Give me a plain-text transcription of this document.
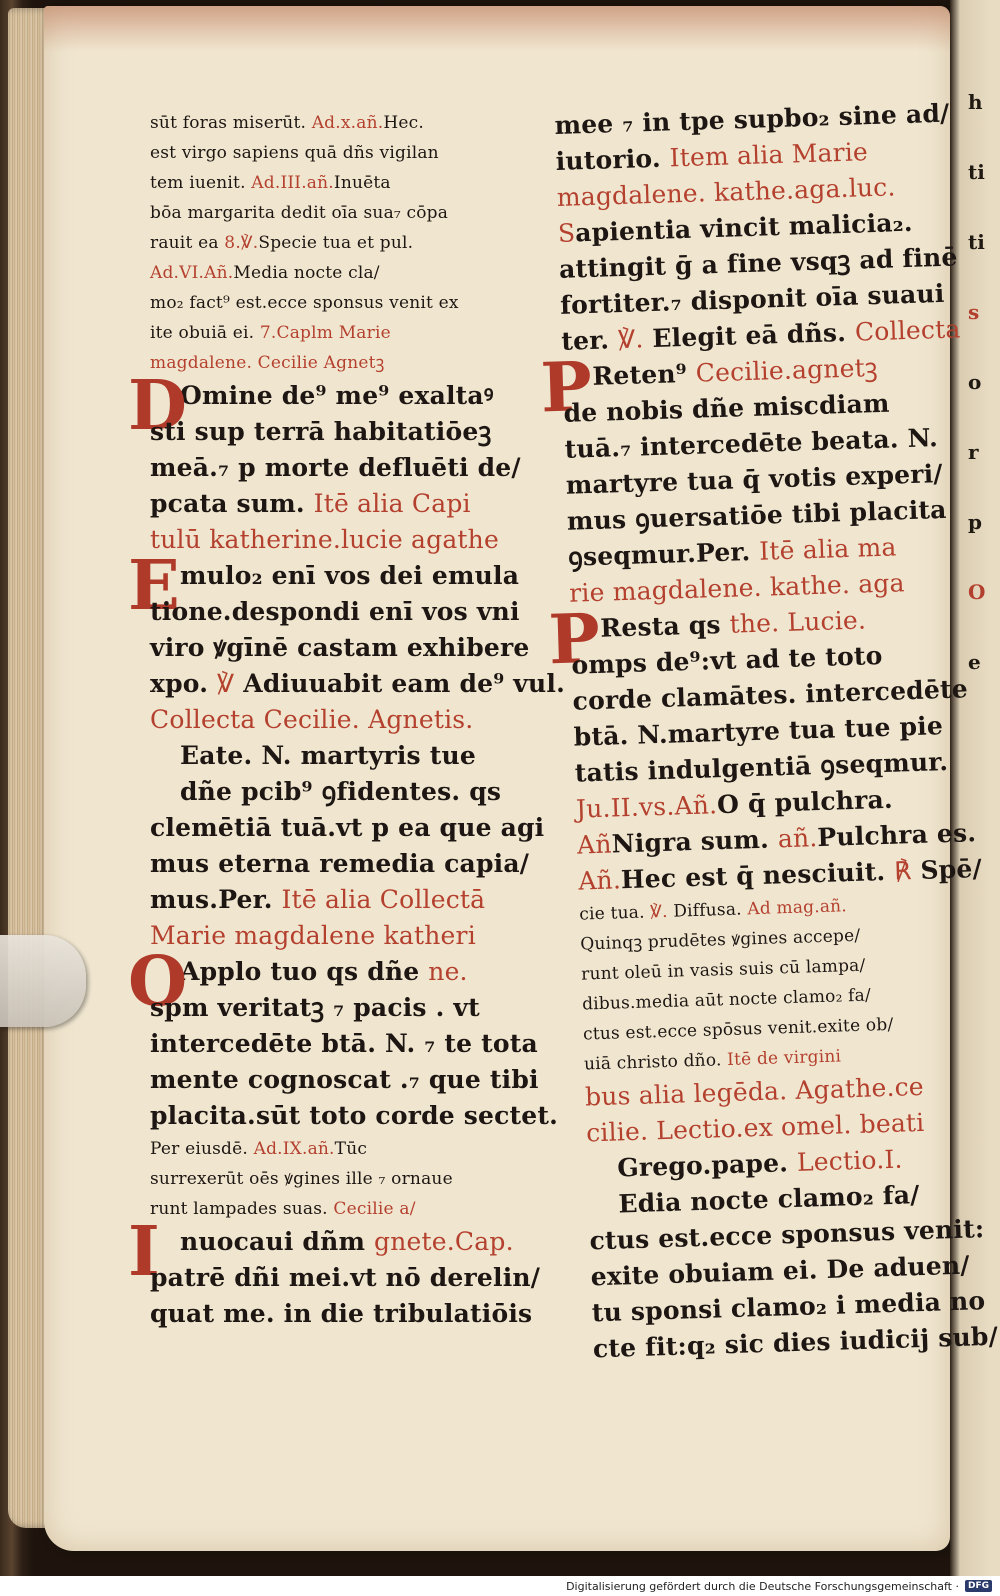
h
ti
ti
s
o
r
p
O
e
sūt foras miserūt. Ad.x.añ.Hec.
est virgo sapiens quā dñs vigilan
tem iuenit. Ad.III.añ.Inuēta
bōa margarita dedit oīa sua₇ cōpa
rauit ea 8.℣.Specie tua et pul.
Ad.VI.Añ.Media nocte cla/
mo₂ fact⁹ est.ecce sponsus venit ex
ite obuiā ei. 7.Caplm Marie
magdalene. Cecilie Agnetꝫ
D
Omine de⁹ me⁹ exaltaꝰ
sti sup terrā habitatiōeꝫ
meā.₇ p morte defluēti de/
pcata sum. Itē alia Capi
tulū katherine.lucie agathe
E mulo₂ enī vos dei emula
tione.despondi enī vos vni
viro ꝟgīnē castam exhibere
xpo. ℣ Adiuuabit eam de⁹ vul.
Collecta Cecilie. Agnetis.
Eate. N. martyris tue
dñe pcib⁹ ꝯfidentes. qs
clemētiā tuā.vt p ea que agi
mus eterna remedia capia/
mus.Per. Itē alia Collectā
Marie magdalene katheri
O
Applo tuo qs dñe ne.
spm veritatꝫ ₇ pacis . vt
intercedēte btā. N. ₇ te tota
mente cognoscat .₇ que tibi
placita.sūt toto corde sectet.
Per eiusdē. Ad.IX.añ.Tūc
surrexerūt oēs ꝟgines ille ₇ ornaue
runt lampades suas. Cecilie a/
I nuocaui dñm gnete.Cap.
patrē dñi mei.vt nō derelin/
quat me. in die tribulatiōis
mee ₇ in tpe supbo₂ sine ad/
iutorio. Item alia Marie
magdalene. kathe.aga.luc.
Sapientia vincit malicia₂.
attingit ḡ a fine vsqꝫ ad finē
fortiter.₇ disponit oīa suaui
ter. ℣. Elegit eā dñs. Collecta
P
Reten⁹ Cecilie.agnetꝫ
de nobis dñe miscdiam
tuā.₇ intercedēte beata. N.
martyre tua q̄ votis experi/
mus ꝯuersatiōe tibi placita
ꝯseqmur.Per. Itē alia ma
rie magdalene. kathe. aga
P
Resta qs the. Lucie.
omps de⁹:vt ad te toto
corde clamātes. intercedēte
btā. N.martyre tua tue pie
tatis indulgentiā ꝯseqmur.
Ju.II.vs.Añ.O q̄ pulchra.
AñNigra sum. añ.Pulchra es.
Añ.Hec est q̄ nesciuit. ℟ Spē/
cie tua. ℣. Diffusa. Ad mag.añ.
Quinqꝫ prudētes ꝟgines accepe/
runt oleū in vasis suis cū lampa/
dibus.media aūt nocte clamo₂ fa/
ctus est.ecce spōsus venit.exite ob/
uiā christo dño. Itē de virgini
bus alia legēda. Agathe.ce
cilie. Lectio.ex omel. beati
Grego.pape. Lectio.I.
Edia nocte clamo₂ fa/
ctus est.ecce sponsus venit:
exite obuiam ei. De aduen/
tu sponsi clamo₂ i media no
cte fit:q₂ sic dies iudicij sub/
Digitalisierung gefördert durch die Deutsche Forschungsgemeinschaft ·	DFG
